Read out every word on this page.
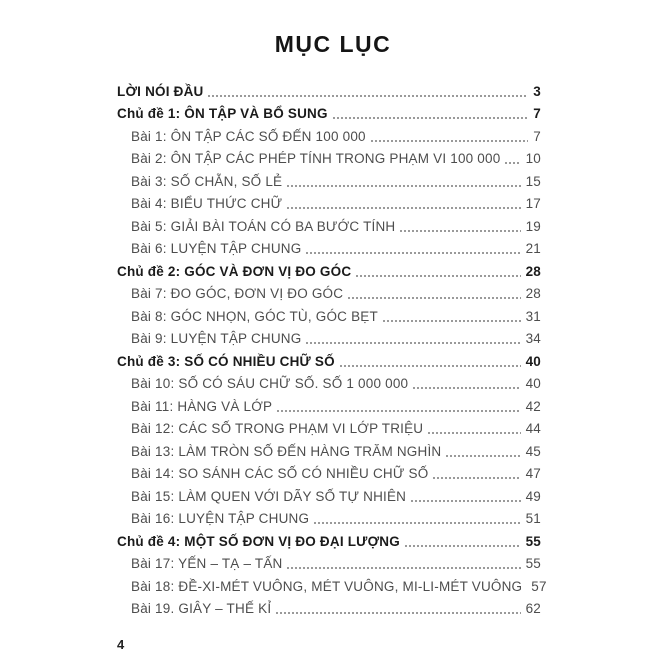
MỤC LỤC
LỜI NÓI ĐẦU	3
Chủ đề 1: ÔN TẬP VÀ BỔ SUNG	7
Bài 1: ÔN TẬP CÁC SỐ ĐẾN 100 000	7
Bài 2: ÔN TẬP CÁC PHÉP TÍNH TRONG PHẠM VI 100 000 10
Bài 3: SỐ CHẴN, SỐ LẺ	15
Bài 4: BIỂU THỨC CHỮ	17
Bài 5: GIẢI BÀI TOÁN CÓ BA BƯỚC TÍNH	19
Bài 6: LUYỆN TẬP CHUNG	21
Chủ đề 2: GÓC VÀ ĐƠN VỊ ĐO GÓC	28
Bài 7: ĐO GÓC, ĐƠN VỊ ĐO GÓC	28
Bài 8: GÓC NHỌN, GÓC TÙ, GÓC BẸT	31
Bài 9: LUYỆN TẬP CHUNG	34
Chủ đề 3: SỐ CÓ NHIỀU CHỮ SỐ	40
Bài 10: SỐ CÓ SÁU CHỮ SỐ. SỐ 1 000 000	40
Bài 11: HÀNG VÀ LỚP	42
Bài 12: CÁC SỐ TRONG PHẠM VI LỚP TRIỆU	44
Bài 13: LÀM TRÒN SỐ ĐẾN HÀNG TRĂM NGHÌN	45
Bài 14: SO SÁNH CÁC SỐ CÓ NHIỀU CHỮ SỐ	47
Bài 15: LÀM QUEN VỚI DÃY SỐ TỰ NHIÊN	49
Bài 16: LUYỆN TẬP CHUNG	51
Chủ đề 4: MỘT SỐ ĐƠN VỊ ĐO ĐẠI LƯỢNG	55
Bài 17: YẾN – TẠ – TẤN	55
Bài 18: ĐỀ-XI-MÉT VUÔNG, MÉT VUÔNG, MI-LI-MÉT VUÔNG 57
Bài 19. GIÂY – THẾ KỈ	62
4
